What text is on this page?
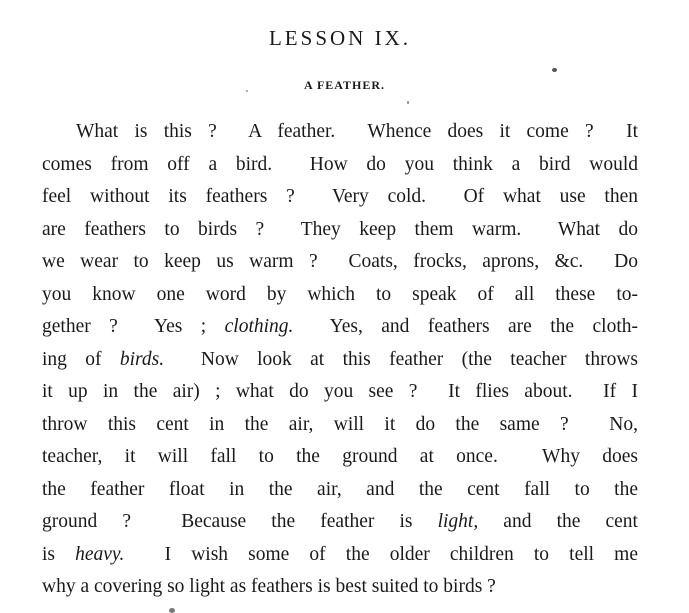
LESSON IX.
A FEATHER.
What is this ?  A feather.  Whence does it come ?  It
comes from off a bird.  How do you think a bird would
feel without its feathers ?  Very cold.  Of what use then
are feathers to birds ?  They keep them warm.  What do
we wear to keep us warm ?  Coats, frocks, aprons, &c.  Do
you know one word by which to speak of all these to-
gether ?  Yes ; clothing.  Yes, and feathers are the cloth-
ing of birds.  Now look at this feather (the teacher throws
it up in the air) ; what do you see ?  It flies about.  If I
throw this cent in the air, will it do the same ?  No,
teacher, it will fall to the ground at once.  Why does
the feather float in the air, and the cent fall to the
ground ?  Because the feather is light, and the cent
is heavy.  I wish some of the older children to tell me
why a covering so light as feathers is best suited to birds ?
